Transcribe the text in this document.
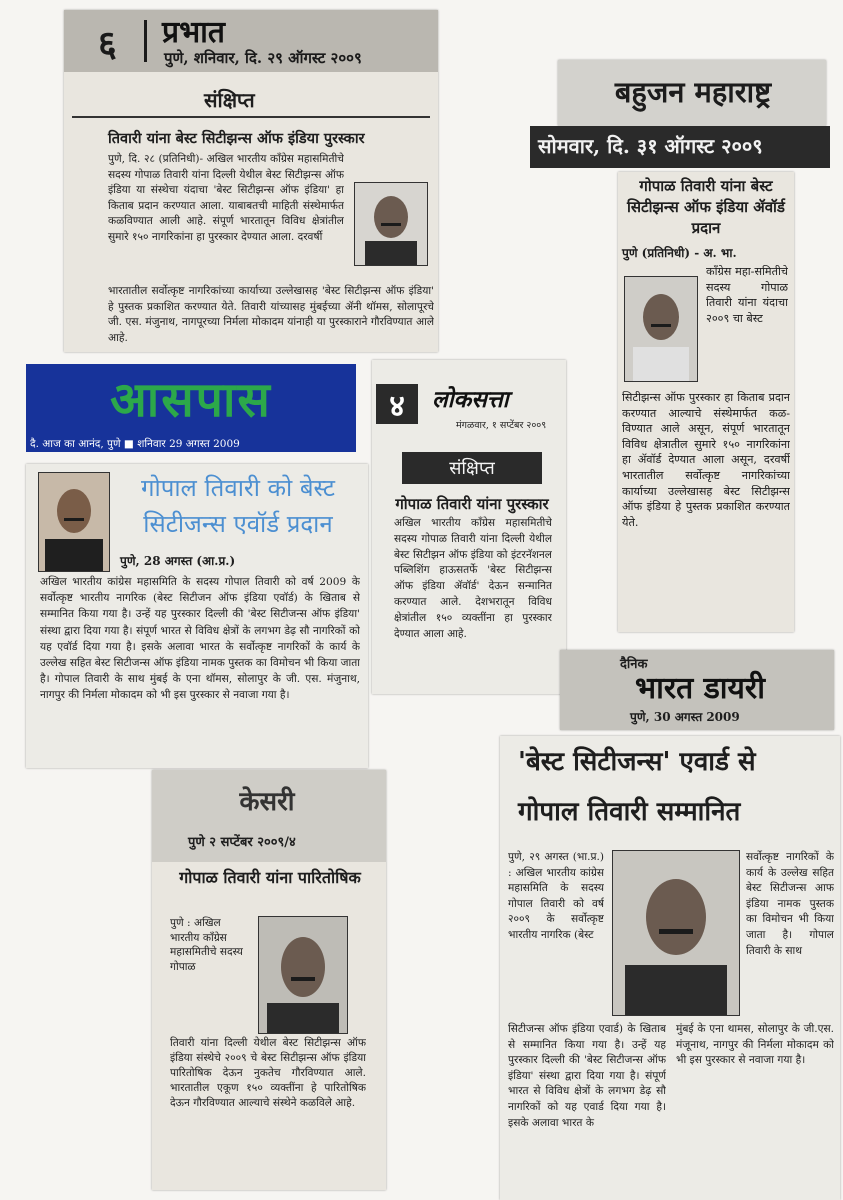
६ प्रभात
पुणे, शनिवार, दि. २९ ऑगस्ट २००९
संक्षिप्त
तिवारी यांना बेस्ट सिटीझन्स ऑफ इंडिया पुरस्कार
पुणे, दि. २८ (प्रतिनिधी)- अखिल भारतीय काँग्रेस महासमितीचे सदस्य गोपाळ तिवारी यांना दिल्ली येथील बेस्ट सिटीझन्स ऑफ इंडिया या संस्थेचा यंदाचा 'बेस्ट सिटीझन्स ऑफ इंडिया' हा किताब प्रदान करण्यात आला. याबाबतची माहिती संस्थेमार्फत कळविण्यात आली आहे. संपूर्ण भारतातून विविध क्षेत्रांतील सुमारे १५० नागरिकांना हा पुरस्कार देण्यात आला. दरवर्षी
भारतातील सर्वोत्कृष्ट नागरिकांच्या कार्याच्या उल्लेखासह 'बेस्ट सिटीझन्स ऑफ इंडिया' हे पुस्तक प्रकाशित करण्यात येते. तिवारी यांच्यासह मुंबईच्या ॲनी थॉमस, सोलापूरचे जी. एस. मंजुनाथ, नागपूरच्या निर्मला मोकादम यांनाही या पुरस्काराने गौरविण्यात आले आहे.
बहुजन महाराष्ट्र
सोमवार, दि. ३१ ऑगस्ट २००९
गोपाळ तिवारी यांना बेस्ट सिटीझन्स ऑफ इंडिया ॲवॉर्ड प्रदान
पुणे (प्रतिनिधी) - अ. भा.
काँग्रेस महा-समितीचे सदस्य गोपाळ तिवारी यांना यंदाचा २००९ चा बेस्ट
सिटीझन्स ऑफ पुरस्कार हा किताब प्रदान करण्यात आल्याचे संस्थेमार्फत कळ-विण्यात आले असून, संपूर्ण भारतातून विविध क्षेत्रातील सुमारे १५० नागरिकांना हा ॲवॉर्ड देण्यात आला असून, दरवर्षी भारतातील सर्वोत्कृष्ट नागरिकांच्या कार्याच्या उल्लेखासह बेस्ट सिटीझन्स ऑफ इंडिया हे पुस्तक प्रकाशित करण्यात येते.
आसपास
दै. आज का आनंद, पुणे ■ शनिवार 29 अगस्त 2009
गोपाल तिवारी को बेस्ट सिटीजन्स एवॉर्ड प्रदान
पुणे, 28 अगस्त (आ.प्र.)
अखिल भारतीय कांग्रेस महासमिति के सदस्य गोपाल तिवारी को वर्ष 2009 के सर्वोत्कृष्ट भारतीय नागरिक (बेस्ट सिटीजन ऑफ इंडिया एवॉर्ड) के खिताब से सम्मानित किया गया है। उन्हें यह पुरस्कार दिल्ली की 'बेस्ट सिटीजन्स ऑफ इंडिया' संस्था द्वारा दिया गया है। संपूर्ण भारत से विविध क्षेत्रों के लगभग डेढ़ सौ नागरिकों को यह एवॉर्ड दिया गया है। इसके अलावा भारत के सर्वोत्कृष्ट नागरिकों के कार्य के उल्लेख सहित बेस्ट सिटीजन्स ऑफ इंडिया नामक पुस्तक का विमोचन भी किया जाता है। गोपाल तिवारी के साथ मुंबई के एना थॉमस, सोलापुर के जी. एस. मंजुनाथ, नागपुर की निर्मला मोकादम को भी इस पुरस्कार से नवाजा गया है।
४	लोकसत्ता
मंगळवार, १ सप्टेंबर २००९
संक्षिप्त
गोपाळ तिवारी यांना पुरस्कार
अखिल भारतीय काँग्रेस महासमितीचे सदस्य गोपाळ तिवारी यांना दिल्ली येथील बेस्ट सिटीझन ऑफ इंडिया को इंटरनॅशनल पब्लिशिंग हाऊसतर्फे 'बेस्ट सिटीझन्स ऑफ इंडिया ॲवॉर्ड' देऊन सन्मानित करण्यात आले. देशभरातून विविध क्षेत्रांतील १५० व्यक्तींना हा पुरस्कार देण्यात आला आहे.
दैनिक
भारत डायरी
पुणे, 30 अगस्त 2009
'बेस्ट सिटीजन्स' एवार्ड से
गोपाल तिवारी सम्मानित
पुणे, २९ अगस्त (भा.प्र.) : अखिल भारतीय कांग्रेस महासमिति के सदस्य गोपाल तिवारी को वर्ष २००९ के सर्वोत्कृष्ट भारतीय नागरिक (बेस्ट
सर्वोत्कृष्ट नागरिकों के कार्य के उल्लेख सहित बेस्ट सिटीजन्स आफ इंडिया नामक पुस्तक का विमोचन भी किया जाता है। गोपाल तिवारी के साथ
सिटीजन्स ऑफ इंडिया एवार्ड) के खिताब से सम्मानित किया गया है। उन्हें यह पुरस्कार दिल्ली की 'बेस्ट सिटीजन्स ऑफ इंडिया' संस्था द्वारा दिया गया है। संपूर्ण भारत से विविध क्षेत्रों के लगभग डेढ़ सौ नागरिकों को यह एवार्ड दिया गया है। इसके अलावा भारत के
मुंबई के एना थामस, सोलापुर के जी.एस. मंजूनाथ, नागपुर की निर्मला मोकादम को भी इस पुरस्कार से नवाजा गया है।
केसरी
पुणे २ सप्टेंबर २००९/४
गोपाळ तिवारी यांना पारितोषिक
पुणे : अखिल भारतीय काँग्रेस महासमितीचे सदस्य गोपाळ
तिवारी यांना दिल्ली येथील बेस्ट सिटीझन्स ऑफ इंडिया संस्थेचे २००९ चे बेस्ट सिटीझन्स ऑफ इंडिया पारितोषिक देऊन नुकतेच गौरविण्यात आले. भारतातील एकूण १५० व्यक्तींना हे पारितोषिक देऊन गौरविण्यात आल्याचे संस्थेने कळविले आहे.
